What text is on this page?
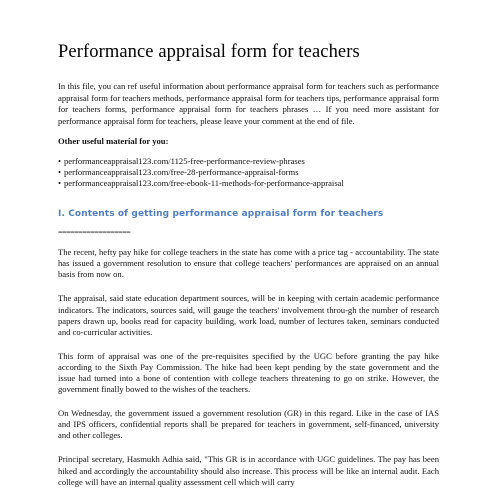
Performance appraisal form for teachers
In this file, you can ref useful information about performance appraisal form for teachers such as performance appraisal form for teachers methods, performance appraisal form for teachers tips, performance appraisal form for teachers forms, performance appraisal form for teachers phrases … If you need more assistant for performance appraisal form for teachers, please leave your comment at the end of file.
Other useful material for you:
• performanceappraisal123.com/1125-free-performance-review-phrases
• performanceappraisal123.com/free-28-performance-appraisal-forms
• performanceappraisal123.com/free-ebook-11-methods-for-performance-appraisal
I. Contents of getting performance appraisal form for teachers
==================

The recent, hefty pay hike for college teachers in the state has come with a price tag - accountability. The state has issued a government resolution to ensure that college teachers' performances are appraised on an annual basis from now on.

The appraisal, said state education department sources, will be in keeping with certain academic performance indicators. The indicators, sources said, will gauge the teachers' involvement throu-gh the number of research papers drawn up, books read for capacity building, work load, number of lectures taken, seminars conducted and co-curricular activities.

This form of appraisal was one of the pre-requisites specified by the UGC before granting the pay hike according to the Sixth Pay Commission. The hike had been kept pending by the state government and the issue had turned into a bone of contention with college teachers threatening to go on strike. However, the government finally bowed to the wishes of the teachers.

On Wednesday, the government issued a government resolution (GR) in this regard. Like in the case of IAS and IPS officers, confidential reports shall be prepared for teachers in government, self-financed, university and other colleges.

Principal secretary, Hasmukh Adhia said, "This GR is in accordance with UGC guidelines. The pay has been hiked and accordingly the accountability should also increase. This process will be like an internal audit. Each college will have an internal quality assessment cell which will carry
